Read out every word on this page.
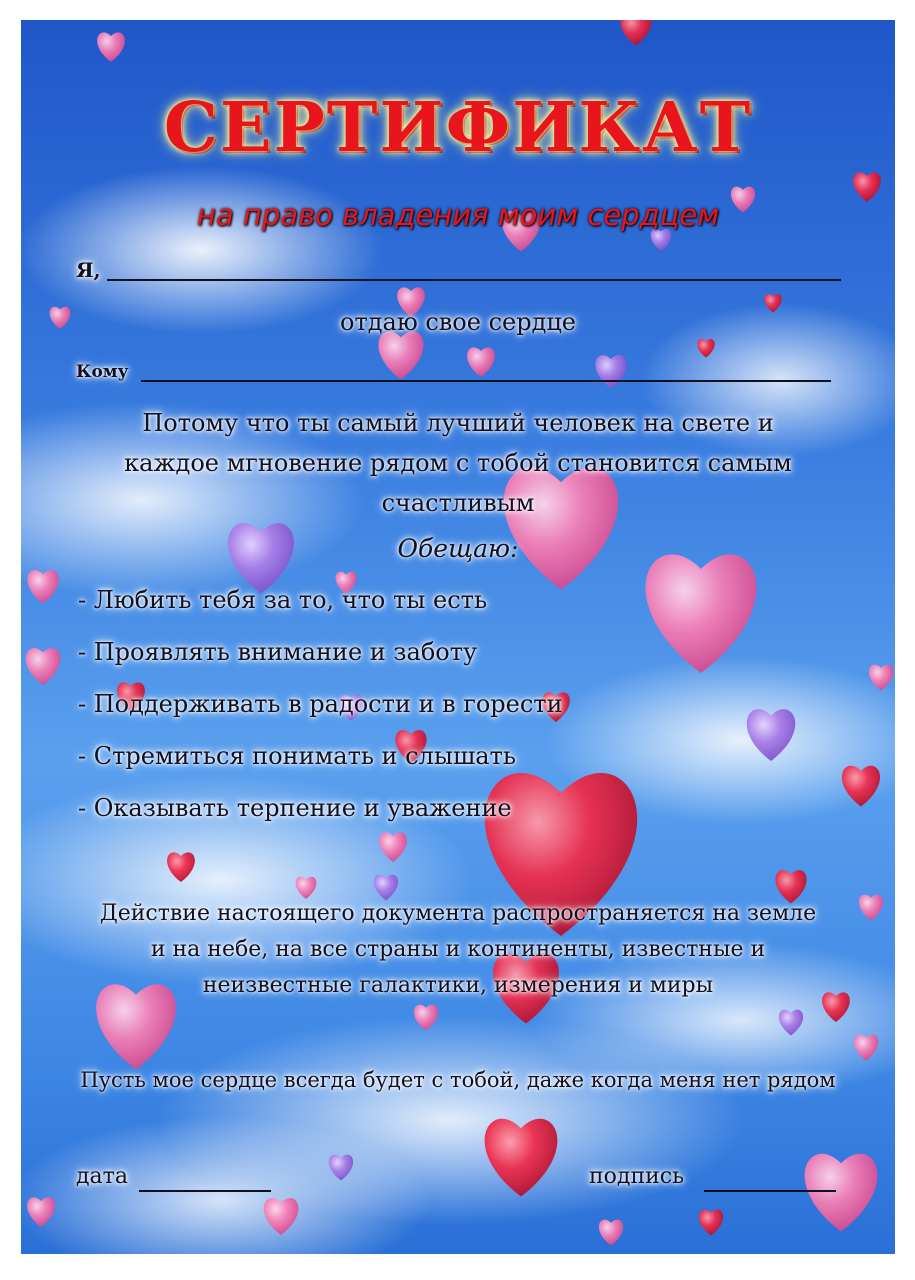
СЕРТИФИКАТ
на право владения моим сердцем
Я,
отдаю свое сердце
Кому
Потому что ты самый лучший человек на свете и
каждое мгновение рядом с тобой становится самым
счастливым
Обещаю:
- Любить тебя за то, что ты есть
- Проявлять внимание и заботу
- Поддерживать в радости и в горести
- Стремиться понимать и слышать
- Оказывать терпение и уважение
Действие настоящего документа распространяется на земле
и на небе, на все страны и континенты, известные и
неизвестные галактики, измерения и миры
Пусть мое сердце всегда будет с тобой, даже когда меня нет рядом
дата	подпись
